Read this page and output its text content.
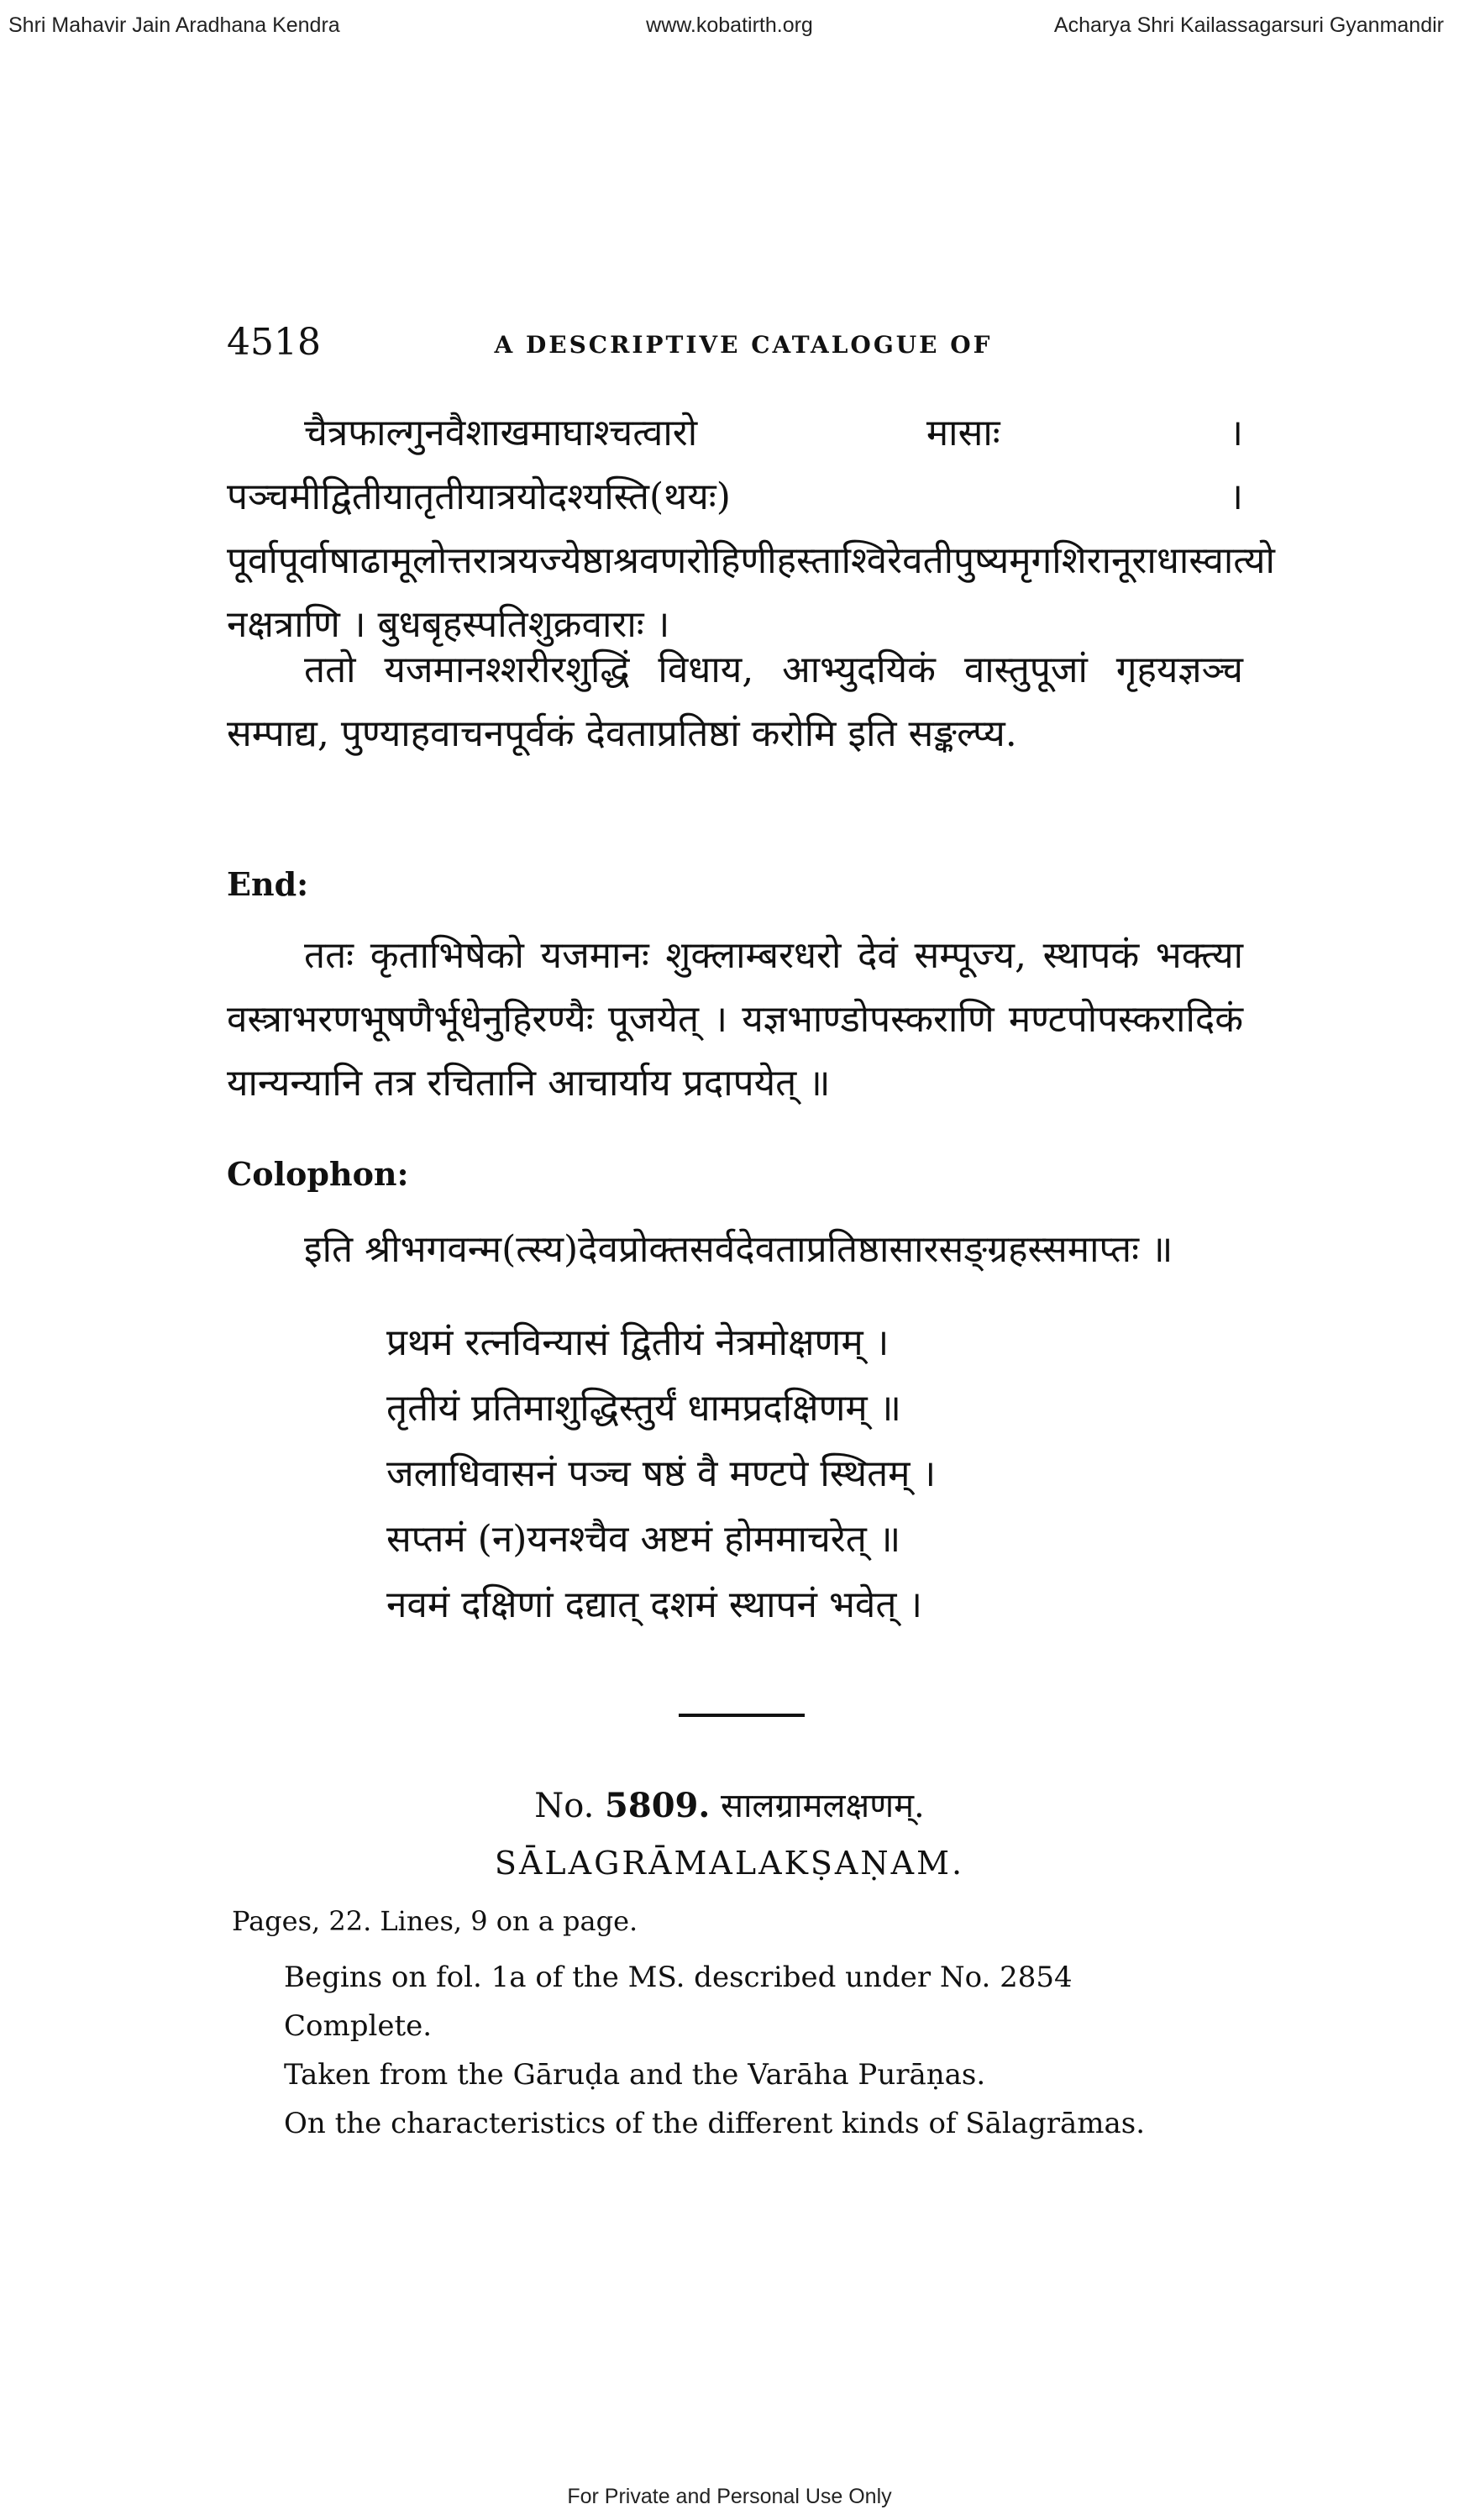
Shri Mahavir Jain Aradhana Kendra	www.kobatirth.org	Acharya Shri Kailassagarsuri Gyanmandir
4518	A DESCRIPTIVE CATALOGUE OF

चैत्रफाल्गुनवैशाखमाघाश्चत्वारो मासाः । पञ्चमीद्वितीयातृतीयात्रयोदश्यस्ति(थयः) । पूर्वापूर्वाषाढामूलोत्तरात्रयज्येष्ठाश्रवणरोहिणीहस्ताश्विरेवतीपुष्यमृगशिरानूराधास्वात्यो नक्षत्राणि । बुधबृहस्पतिशुक्रवाराः ।

ततो यजमानश्शरीरशुद्धिं विधाय, आभ्युदयिकं वास्तुपूजां गृहयज्ञञ्च सम्पाद्य, पुण्याहवाचनपूर्वकं देवताप्रतिष्ठां करोमि इति सङ्कल्प्य.

End:

ततः कृताभिषेको यजमानः शुक्लाम्बरधरो देवं सम्पूज्य, स्थापकं भक्त्या वस्त्राभरणभूषणैर्भूधेनुहिरण्यैः पूजयेत् । यज्ञभाण्डोपस्कराणि मण्टपोपस्करादिकं यान्यन्यानि तत्र रचितानि आचार्याय प्रदापयेत् ॥

Colophon:

इति श्रीभगवन्म(त्स्य)देवप्रोक्तसर्वदेवताप्रतिष्ठासारसङ्ग्रहस्समाप्तः ॥

प्रथमं रत्नविन्यासं द्वितीयं नेत्रमोक्षणम् ।
तृतीयं प्रतिमाशुद्धिस्तुर्यं धामप्रदक्षिणम् ॥
जलाधिवासनं पञ्च षष्ठं वै मण्टपे स्थितम् ।
सप्तमं (न)यनश्चैव अष्टमं होममाचरेत् ॥
नवमं दक्षिणां दद्यात् दशमं स्थापनं भवेत् ।
No. 5809. सालग्रामलक्षणम्.
SĀLAGRĀMALAKṢAṆAM.
Pages, 22. Lines, 9 on a page.
Begins on fol. 1a of the MS. described under No. 2854
Complete.
Taken from the Gāruḍa and the Varāha Purāṇas.
On the characteristics of the different kinds of Sālagrāmas.
For Private and Personal Use Only
